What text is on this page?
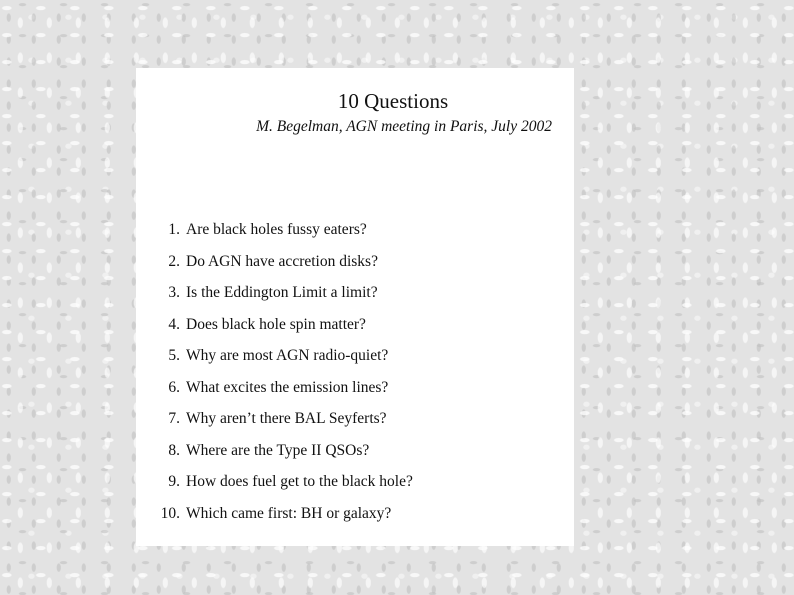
10 Questions

M. Begelman, AGN meeting in Paris, July 2002

1. Are black holes fussy eaters?
2. Do AGN have accretion disks?
3. Is the Eddington Limit a limit?
4. Does black hole spin matter?
5. Why are most AGN radio-quiet?
6. What excites the emission lines?
7. Why aren’t there BAL Seyferts?
8. Where are the Type II QSOs?
9. How does fuel get to the black hole?
10. Which came first: BH or galaxy?
